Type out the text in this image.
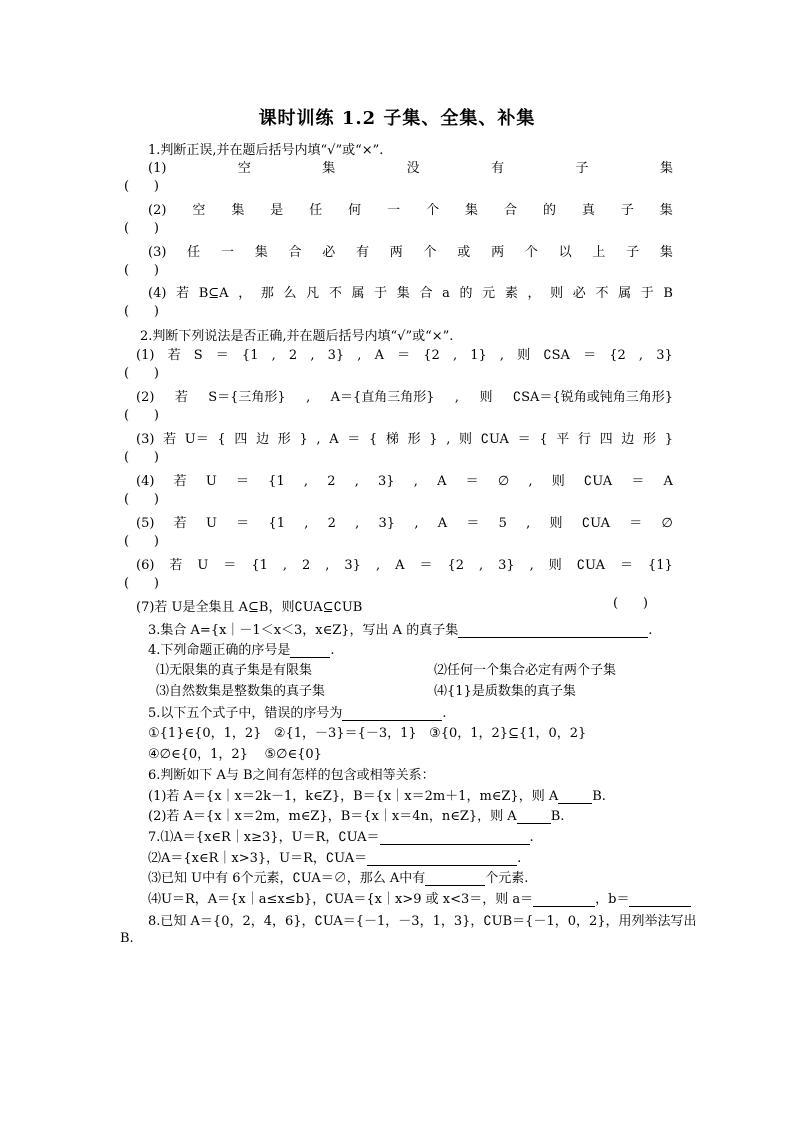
课时训练 1.2 子集、全集、补集
1.判断正误,并在题后括号内填“√”或“×”.
(1)	空	集	没	有	子	集
(      )
(2) 空 集 是 任 何 一 个 集 合 的 真 子 集
(      )
(3) 任 一 集 合 必 有 两 个 或 两 个 以 上 子 集
(      )
(4) 若 B⊆A ， 那 么 凡 不 属 于 集 合 a 的 元 素 ， 则 必 不 属 于 B
(      )
2.判断下列说法是否正确,并在题后括号内填“√”或“×”.
(1) 若 S ＝ {1 , 2 , 3} , A ＝ {2 , 1} , 则 ∁SA ＝ {2 , 3}
(      )
(2) 若 S＝{三角形} , A＝{直角三角形} , 则 ∁SA＝{锐角或钝角三角形}
(      )
(3) 若 U＝ { 四 边 形 } , A ＝ { 梯 形 } , 则 ∁UA ＝ { 平 行 四 边 形 }
(      )
(4) 若 U ＝ {1 , 2 , 3} , A ＝ ∅ , 则 ∁UA ＝ A
(      )
(5) 若 U ＝ {1 , 2 , 3} , A ＝ 5 , 则 ∁UA ＝ ∅
(      )
(6) 若 U ＝ {1 , 2 , 3} , A ＝ {2 , 3} , 则 ∁UA ＝ {1}
(      )
(7)若 U是全集且 A⊆B，则∁UA⊆∁UB	(      )
3.集合 A={x｜－1＜x＜3，x∈Z}，写出 A 的真子集	.
4.下列命题正确的序号是	.
⑴无限集的真子集是有限集	⑵任何一个集合必定有两个子集
⑶自然数集是整数集的真子集	⑷{1}是质数集的真子集
5.以下五个式子中，错误的序号为	.
①{1}∈{0，1，2}   ②{1，－3}＝{－3，1}   ③{0，1，2}⊆{1，0，2}
④∅∈{0，1，2}    ⑤∅∈{0}
6.判断如下 A与 B之间有怎样的包含或相等关系：
(1)若 A＝{x｜x＝2k－1，k∈Z}，B＝{x｜x＝2m＋1，m∈Z}，则 A	B.
(2)若 A＝{x｜x＝2m，m∈Z}，B＝{x｜x＝4n，n∈Z}，则 A	B.
7.⑴A＝{x∈R｜x≥3}，U＝R，∁UA＝	.
⑵A＝{x∈R｜x>3}，U＝R，∁UA＝	.
⑶已知 U中有 6个元素，∁UA＝∅，那么 A中有	个元素.
⑷U＝R，A＝{x｜a≤x≤b}，∁UA＝{x｜x>9 或 x<3＝，则 a＝	，b＝
8.已知 A＝{0，2，4，6}，∁UA＝{－1，－3，1，3}，∁UB＝{－1，0，2}，用列举法写出
B.
